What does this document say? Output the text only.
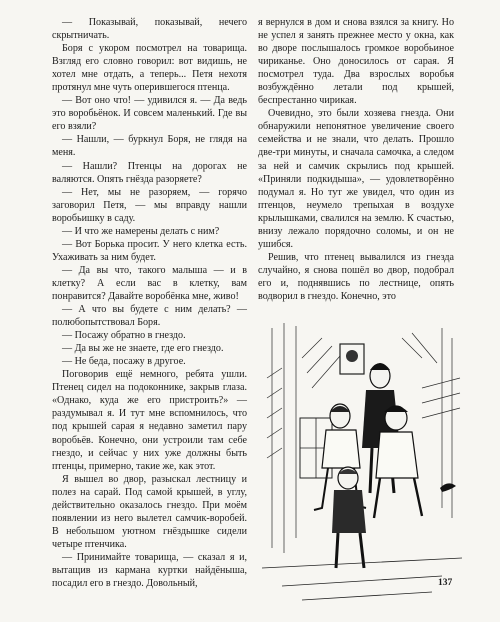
— Показывай, показывай, нечего скрытничать.

Боря с укором посмотрел на товарища. Взгляд его словно говорил: вот видишь, не хотел мне отдать, а теперь... Петя нехотя протянул мне чуть оперившегося птенца.

— Вот оно что! — удивился я. — Да ведь это воробьёнок. И совсем маленький. Где вы его взяли?

— Нашли, — буркнул Боря, не глядя на меня.

— Нашли? Птенцы на дорогах не валяются. Опять гнёзда разоряете?

— Нет, мы не разоряем, — горячо заговорил Петя, — мы вправду нашли воробьишку в саду.

— И что же намерены делать с ним?

— Вот Борька просит. У него клетка есть. Ухаживать за ним будет.

— Да вы что, такого малыша — и в клетку? А если вас в клетку, вам понравится? Давайте воробёнка мне, живо!

— А что вы будете с ним делать? — полюбопытствовал Боря.

— Посажу обратно в гнездо.

— Да вы же не знаете, где его гнездо.

— Не беда, посажу в другое.

Поговорив ещё немного, ребята ушли. Птенец сидел на подоконнике, закрыв глаза. «Однако, куда же его пристроить?» — раздумывал я. И тут мне вспомнилось, что под крышей сарая я недавно заметил пару воробьёв. Конечно, они устроили там себе гнездо, и сейчас у них уже должны быть птенцы, примерно, такие же, как этот.

Я вышел во двор, разыскал лестницу и полез на сарай. Под самой крышей, в углу, действительно оказалось гнездо. При моём появлении из него вылетел самчик-воробей. В небольшом уютном гнёздышке сидели четыре птенчика.

— Принимайте товарища, — сказал я и, вытащив из кармана куртки найдёныша, посадил его в гнездо. Довольный,

я вернулся в дом и снова взялся за книгу. Но не успел я занять прежнее место у окна, как во дворе послышалось громкое воробьиное чириканье. Оно доносилось от сарая. Я посмотрел туда. Два взрослых воробья возбуждённо летали под крышей, беспрестанно чирикая.

Очевидно, это были хозяева гнезда. Они обнаружили непонятное увеличение своего семейства и не знали, что делать. Прошло две-три минуты, и сначала самочка, а следом за ней и самчик скрылись под крышей. «Приняли подкидыша», — удовлетворённо подумал я. Но тут же увидел, что один из птенцов, неумело трепыхая в воздухе крылышками, свалился на землю. К счастью, внизу лежало порядочно соломы, и он не ушибся.

Решив, что птенец вывалился из гнезда случайно, я снова пошёл во двор, подобрал его и, поднявшись по лестнице, опять водворил в гнездо. Конечно, это

137
